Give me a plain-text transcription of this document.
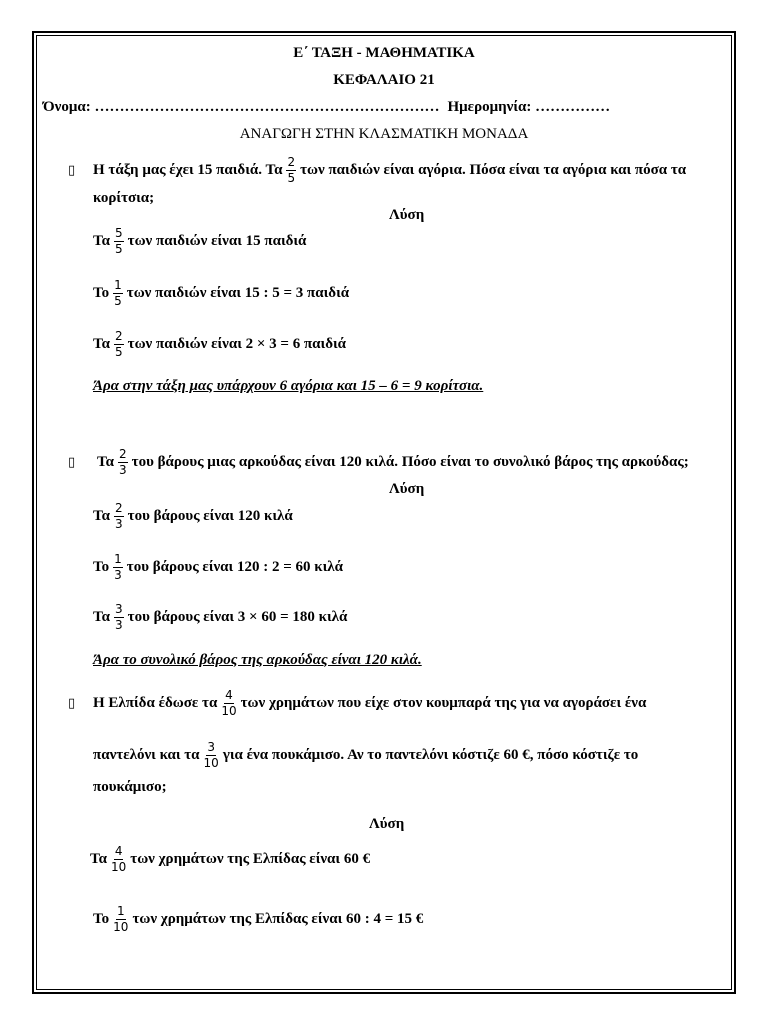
Ε΄ ΤΑΞΗ - ΜΑΘΗΜΑΤΙΚΑ
ΚΕΦΑΛΑΙΟ 21
Όνομα: …………………………………………………………… Ημερομηνία: ……………
ΑΝΑΓΩΓΗ ΣΤΗΝ ΚΛΑΣΜΑΤΙΚΗ ΜΟΝΑΔΑ
▯ Η τάξη μας έχει 15 παιδιά. Τα $\frac{2}{5}$ των παιδιών είναι αγόρια. Πόσα είναι τα αγόρια και πόσα τα
κορίτσια;
Λύση
Τα $\frac{5}{5}$ των παιδιών είναι 15 παιδιά
Το $\frac{1}{5}$ των παιδιών είναι 15 : 5 = 3 παιδιά
Τα $\frac{2}{5}$ των παιδιών είναι 2 × 3 = 6 παιδιά
Άρα στην τάξη μας υπάρχουν 6 αγόρια και 15 – 6 = 9 κορίτσια.
▯ Τα $\frac{2}{3}$ του βάρους μιας αρκούδας είναι 120 κιλά. Πόσο είναι το συνολικό βάρος της αρκούδας;
Λύση
Τα $\frac{2}{3}$ του βάρους είναι 120 κιλά
Το $\frac{1}{3}$ του βάρους είναι 120 : 2 = 60 κιλά
Τα $\frac{3}{3}$ του βάρους είναι 3 × 60 = 180 κιλά
Άρα το συνολικό βάρος της αρκούδας είναι 120 κιλά.
▯ Η Ελπίδα έδωσε τα $\frac{4}{10}$ των χρημάτων που είχε στον κουμπαρά της για να αγοράσει ένα
παντελόνι και τα $\frac{3}{10}$ για ένα πουκάμισο. Αν το παντελόνι κόστιζε 60 €, πόσο κόστιζε το
πουκάμισο;
Λύση
Τα $\frac{4}{10}$ των χρημάτων της Ελπίδας είναι 60 €
Το $\frac{1}{10}$ των χρημάτων της Ελπίδας είναι 60 : 4 = 15 €
